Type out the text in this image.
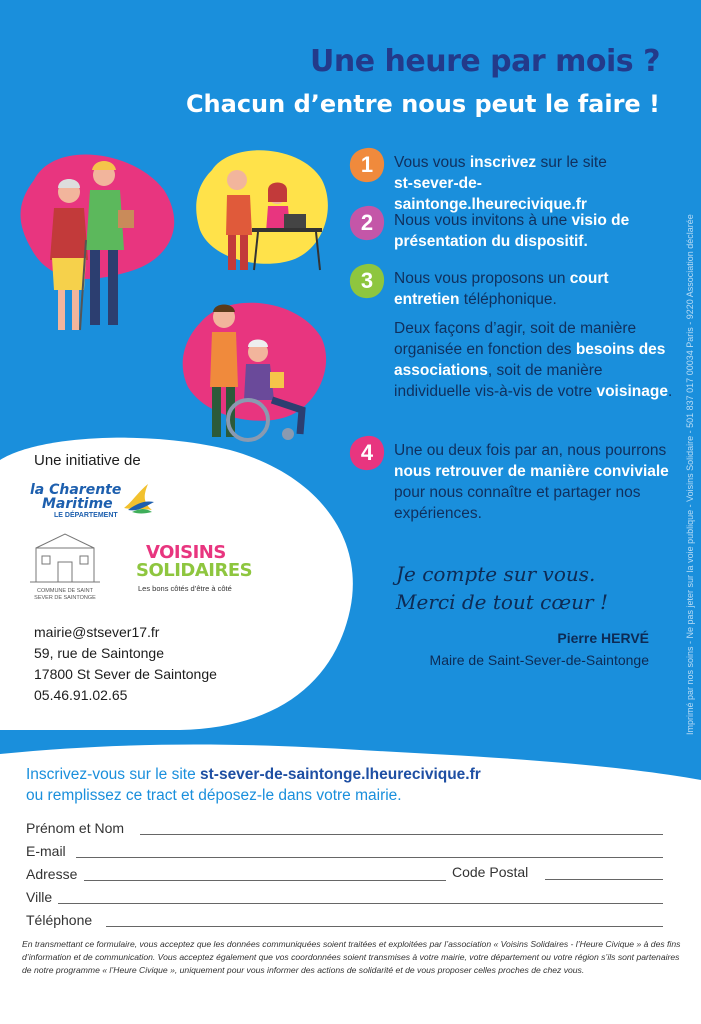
Une heure par mois ?
Chacun d’entre nous peut le faire !
1	Vous vous inscrivez sur le site
st-sever-de-saintonge.lheurecivique.fr
2	Nous vous invitons à une visio de présentation du dispositif.
3	Nous vous proposons un court entretien téléphonique.
Deux façons d’agir, soit de manière organisée en fonction des besoins des associations, soit de manière individuelle vis-à-vis de votre voisinage.
4	Une ou deux fois par an, nous pourrons nous retrouver de manière conviviale pour nous connaître et partager nos expériences.
Je compte sur vous.
Merci de tout cœur !
Pierre HERVÉ
Maire de Saint-Sever-de-Saintonge	Imprimé par nos soins - Ne pas jeter sur la voie publique - Voisins Solidaire - 501 837 017 00034 Paris - 9220 Association déclarée
Une initiative de
la Charente
Maritime
LE DÉPARTEMENT
COMMUNE DE SAINT SEVER DE SAINTONGE
VOISINS
SOLIDAIRES
Les bons côtés d’être à côté
mairie@stsever17.fr
59, rue de Saintonge
17800 St Sever de Saintonge
05.46.91.02.65
Inscrivez-vous sur le site st-sever-de-saintonge.lheurecivique.fr
ou remplissez ce tract et déposez-le dans votre mairie.
Prénom et Nom
E-mail
Adresse	Code Postal
Ville
Téléphone
En transmettant ce formulaire, vous acceptez que les données communiquées soient traitées et exploitées par l’association « Voisins Solidaires - l’Heure Civique » à des fins d’information et de communication. Vous acceptez également que vos coordonnées soient transmises à votre mairie, votre département ou votre région s’ils sont partenaires de notre programme « l’Heure Civique », uniquement pour vous informer des actions de solidarité et de vous proposer celles proches de chez vous.
